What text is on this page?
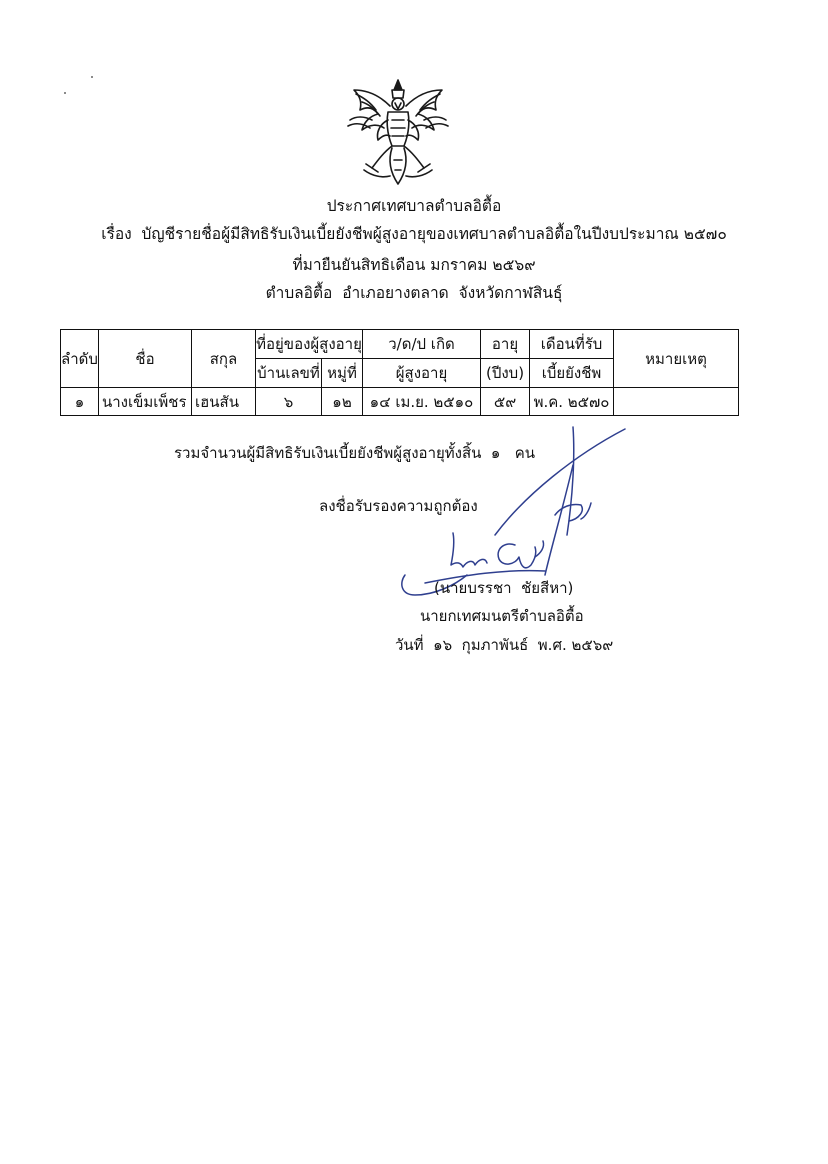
ประกาศเทศบาลตำบลอิตื้อ
เรื่อง  บัญชีรายชื่อผู้มีสิทธิรับเงินเบี้ยยังชีพผู้สูงอายุของเทศบาลตำบลอิตื้อในปีงบประมาณ ๒๕๗๐
ที่มายืนยันสิทธิเดือน มกราคม ๒๕๖๙
ตำบลอิตื้อ  อำเภอยางตลาด  จังหวัดกาฬสินธุ์
ลำดับ	ชื่อ	สกุล	ที่อยู่ของผู้สูงอายุ		ว/ด/ป เกิด	อายุ	เดือนที่รับ	หมายเหตุ
			บ้านเลขที่	หมู่ที่	ผู้สูงอายุ	(ปีงบ)	เบี้ยยังชีพ	
๑	นางเข็มเพ็ชร	เฮนสัน	๖	๑๒	๑๔ เม.ย. ๒๕๑๐	๕๙	พ.ค. ๒๕๗๐	
รวมจำนวนผู้มีสิทธิรับเงินเบี้ยยังชีพผู้สูงอายุทั้งสิ้น  ๑   คน
ลงชื่อรับรองความถูกต้อง
(นายบรรชา  ชัยสีหา)
นายกเทศมนตรีตำบลอิตื้อ
วันที่  ๑๖  กุมภาพันธ์  พ.ศ. ๒๕๖๙
